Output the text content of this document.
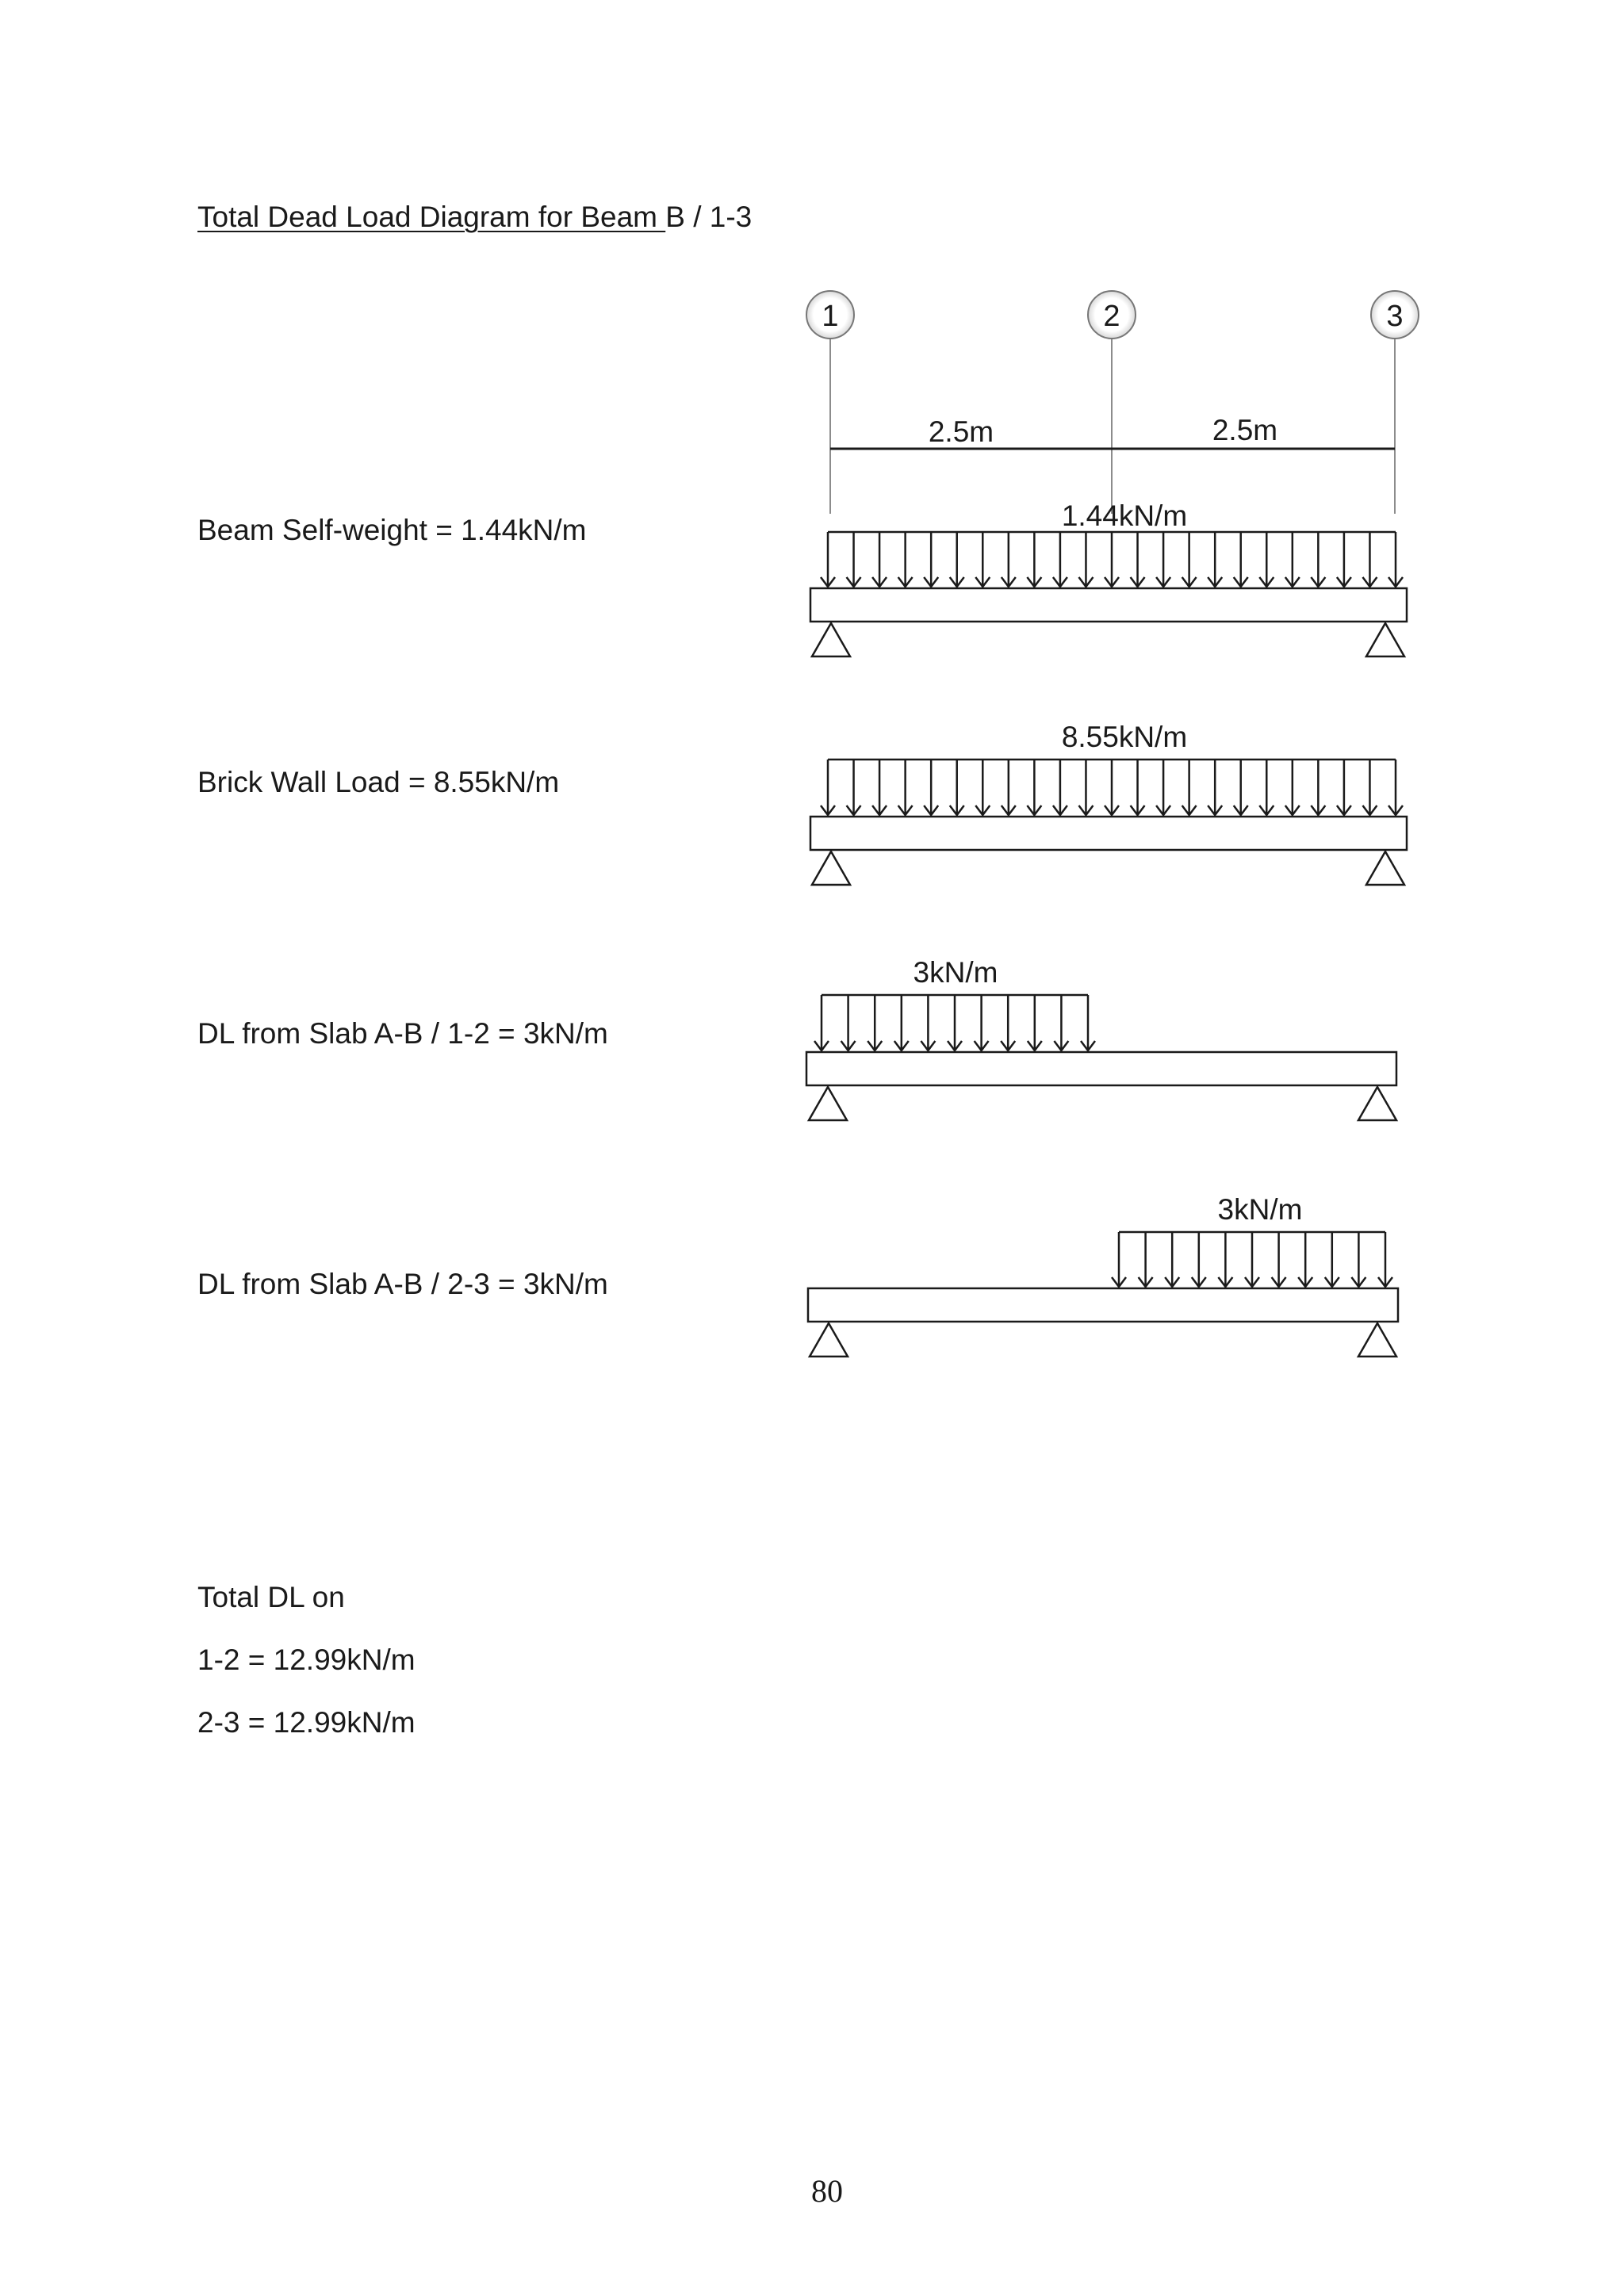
Total Dead Load Diagram for Beam B / 1-3
Beam Self-weight = 1.44kN/m
Brick Wall Load = 8.55kN/m
DL from Slab A-B / 1-2 = 3kN/m
DL from Slab A-B / 2-3 = 3kN/m
Total DL on
1-2 = 12.99kN/m
2-3 = 12.99kN/m
80
1	2	3
2.5m	2.5m
1.44kN/m
8.55kN/m
3kN/m
3kN/m
